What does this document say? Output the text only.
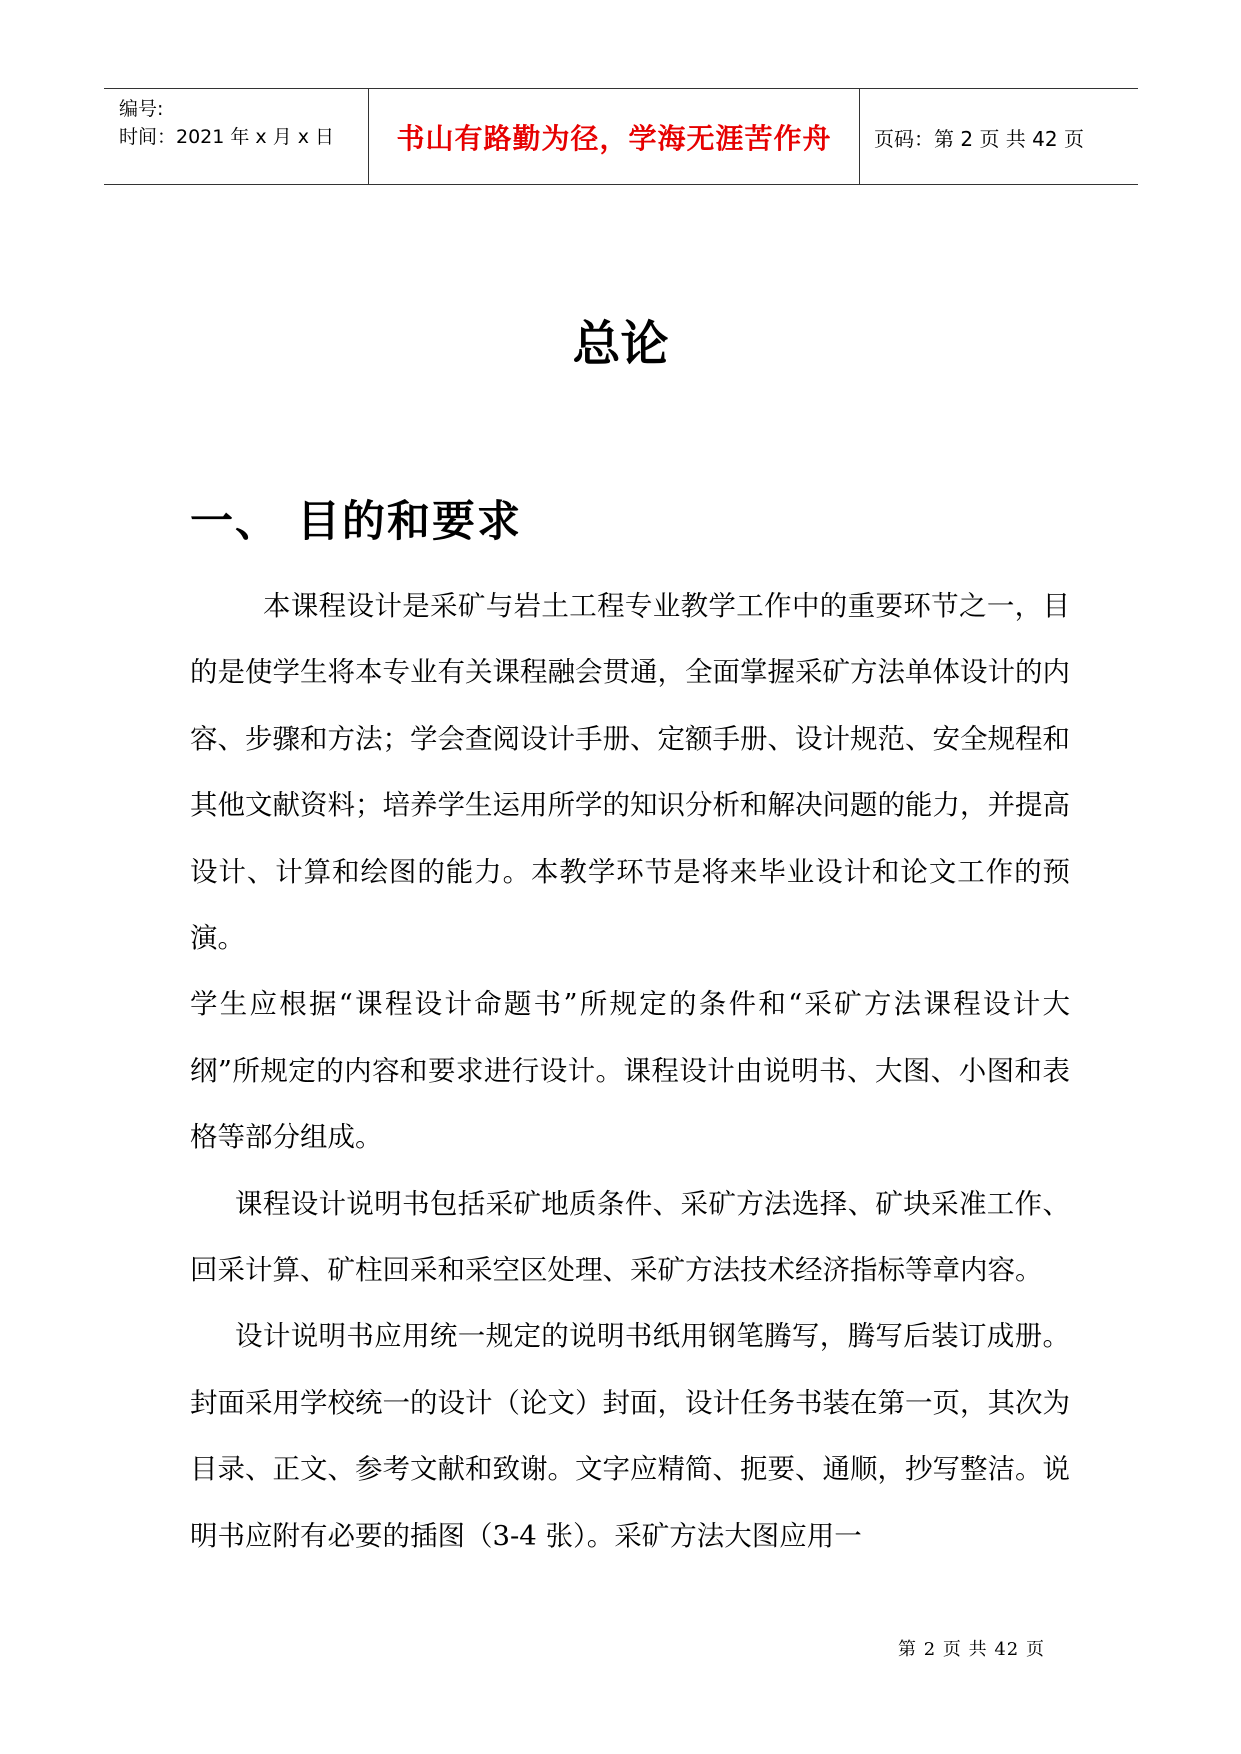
编号:
时间：2021 年 x 月 x 日	书山有路勤为径，学海无涯苦作舟	页码：第 2 页 共 42 页
总论
一、 目的和要求

本课程设计是采矿与岩土工程专业教学工作中的重要环节之一，目的是使学生将本专业有关课程融会贯通，全面掌握采矿方法单体设计的内容、步骤和方法；学会查阅设计手册、定额手册、设计规范、安全规程和其他文献资料；培养学生运用所学的知识分析和解决问题的能力，并提高设计、计算和绘图的能力。本教学环节是将来毕业设计和论文工作的预演。

学生应根据“课程设计命题书”所规定的条件和“采矿方法课程设计大纲”所规定的内容和要求进行设计。课程设计由说明书、大图、小图和表格等部分组成。

课程设计说明书包括采矿地质条件、采矿方法选择、矿块采准工作、回采计算、矿柱回采和采空区处理、采矿方法技术经济指标等章内容。

设计说明书应用统一规定的说明书纸用钢笔腾写，腾写后装订成册。封面采用学校统一的设计（论文）封面，设计任务书装在第一页，其次为目录、正文、参考文献和致谢。文字应精简、扼要、通顺，抄写整洁。说明书应附有必要的插图（3-4 张）。采矿方法大图应用一

第 2 页 共 42 页
